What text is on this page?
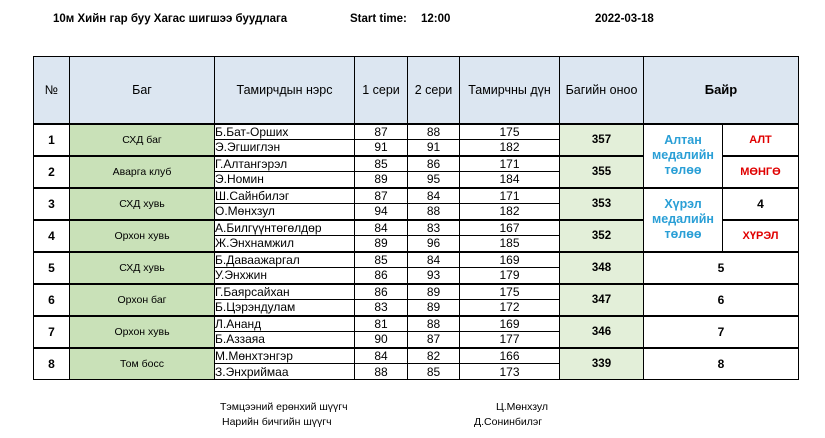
10м Хийн гар буу Хагас шигшээ буудлага	Start time: 12:00	2022-03-18
№	Баг	Тамирчдын нэрс	1 сери	2 сери	Тамирчны дүн	Багийн оноо	Байр	
1	СХД баг	Б.Бат-Орших	87	88	175	357	Алтан медалийн төлөө	АЛТ
		Э.Эгшиглэн	91	91	182			
2	Аварга клуб	Г.Алтангэрэл	85	86	171	355		МӨНГӨ
		Э.Номин	89	95	184			
3	СХД хувь	Ш.Сайнбилэг	87	84	171	353	Хүрэл медалийн төлөө	4
		О.Мөнхзул	94	88	182			
4	Орхон хувь	А.Билгүүнтөгөлдөр	84	83	167	352		ХҮРЭЛ
		Ж.Энхнамжил	89	96	185			
5	СХД хувь	Б.Даваажаргал	85	84	169	348	5	
		У.Энхжин	86	93	179			
6	Орхон баг	Г.Баярсайхан	86	89	175	347	6	
		Б.Цэрэндулам	83	89	172			
7	Орхон хувь	Л.Ананд	81	88	169	346	7	
		Б.Аззаяа	90	87	177			
8	Том босс	М.Мөнхтэнгэр	84	82	166	339	8	
		З.Энхриймаа	88	85	173			
Тэмцээний ерөнхий шүүгч	Ц.Мөнхзул
Нарийн бичгийн шүүгч	Д.Сонинбилэг
